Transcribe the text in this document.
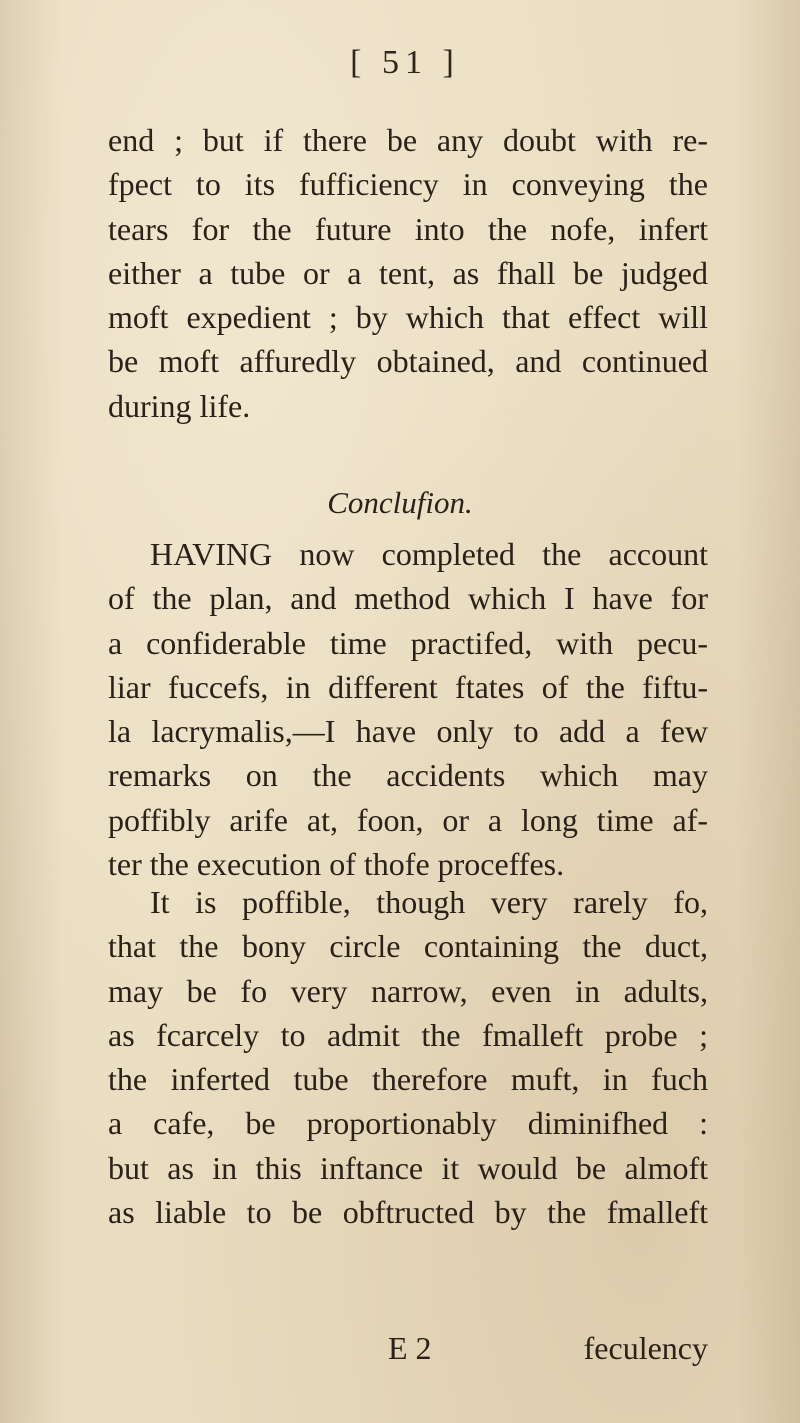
[ 51 ]
end ; but if there be any doubt with re-
fpect to its fufficiency in conveying the
tears for the future into the nofe, infert
either a tube or a tent, as fhall be judged
moft expedient ; by which that effect will
be moft affuredly obtained, and continued
during life.
Conclufion.
HAVING now completed the account
of the plan, and method which I have for
a confiderable time practifed, with pecu-
liar fuccefs, in different ftates of the fiftu-
la lacrymalis,—I have only to add a few
remarks on the accidents which may
poffibly arife at, foon, or a long time af-
ter the execution of thofe proceffes.
It is poffible, though very rarely fo,
that the bony circle containing the duct,
may be fo very narrow, even in adults,
as fcarcely to admit the fmalleft probe ;
the inferted tube therefore muft, in fuch
a cafe, be proportionably diminifhed :
but as in this inftance it would be almoft
as liable to be obftructed by the fmalleft
E 2	feculency
